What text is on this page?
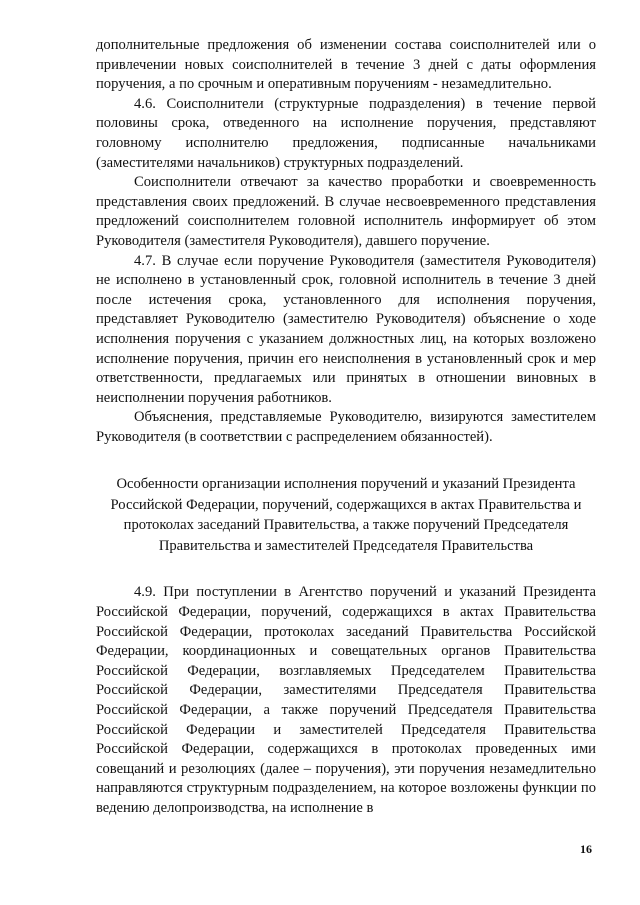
дополнительные предложения об изменении состава соисполнителей или о привлечении новых соисполнителей в течение 3 дней с даты оформления поручения, а по срочным и оперативным поручениям - незамедлительно.

4.6. Соисполнители (структурные подразделения) в течение первой половины срока, отведенного на исполнение поручения, представляют головному исполнителю предложения, подписанные начальниками (заместителями начальников) структурных подразделений.

Соисполнители отвечают за качество проработки и своевременность представления своих предложений. В случае несвоевременного представления предложений соисполнителем головной исполнитель информирует об этом Руководителя (заместителя Руководителя), давшего поручение.

4.7. В случае если поручение Руководителя (заместителя Руководителя) не исполнено в установленный срок, головной исполнитель в течение 3 дней после истечения срока, установленного для исполнения поручения, представляет Руководителю (заместителю Руководителя) объяснение о ходе исполнения поручения с указанием должностных лиц, на которых возложено исполнение поручения, причин его неисполнения в установленный срок и мер ответственности, предлагаемых или принятых в отношении виновных в неисполнении поручения работников.

Объяснения, представляемые Руководителю, визируются заместителем Руководителя (в соответствии с распределением обязанностей).

Особенности организации исполнения поручений и указаний Президента Российской Федерации, поручений, содержащихся в актах Правительства и протоколах заседаний Правительства, а также поручений Председателя Правительства и заместителей Председателя Правительства

4.9. При поступлении в Агентство поручений и указаний Президента Российской Федерации, поручений, содержащихся в актах Правительства Российской Федерации, протоколах заседаний Правительства Российской Федерации, координационных и совещательных органов Правительства Российской Федерации, возглавляемых Председателем Правительства Российской Федерации, заместителями Председателя Правительства Российской Федерации, а также поручений Председателя Правительства Российской Федерации и заместителей Председателя Правительства Российской Федерации, содержащихся в протоколах проведенных ими совещаний и резолюциях (далее – поручения), эти поручения незамедлительно направляются структурным подразделением, на которое возложены функции по ведению делопроизводства, на исполнение в

16
